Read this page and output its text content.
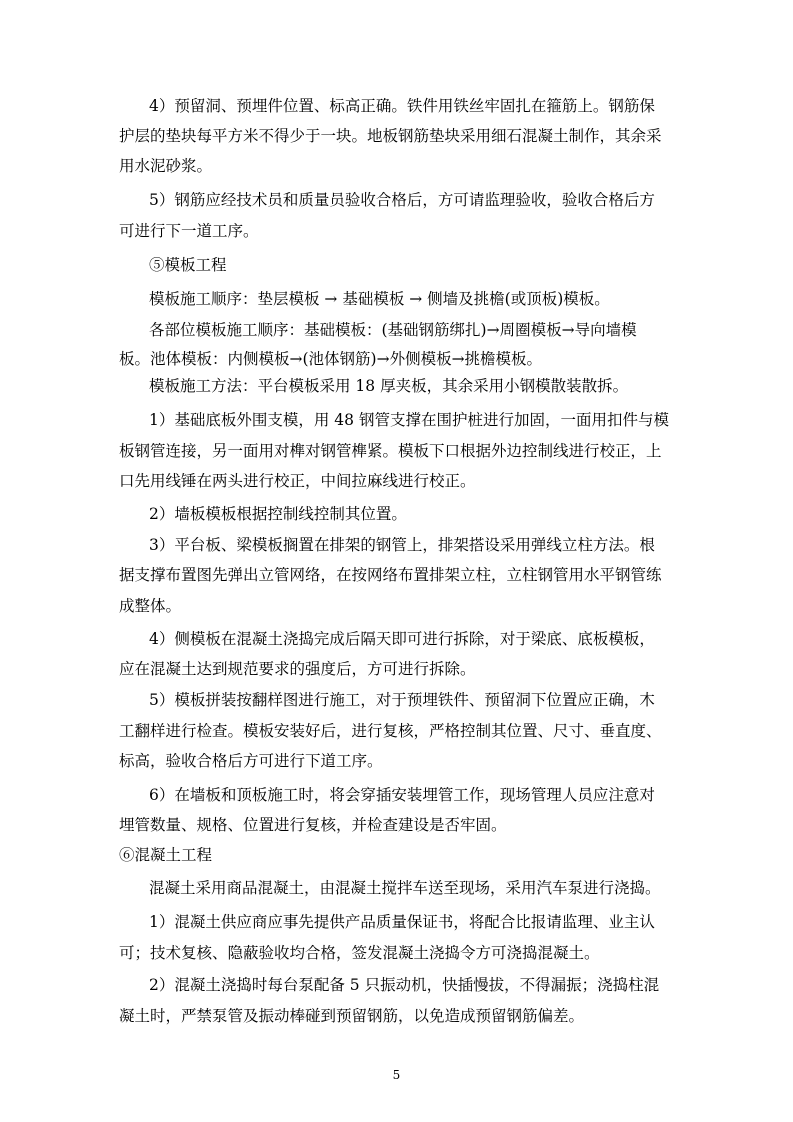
4）预留洞、预埋件位置、标高正确。铁件用铁丝牢固扎在箍筋上。钢筋保
护层的垫块每平方米不得少于一块。地板钢筋垫块采用细石混凝土制作，其余采
用水泥砂浆。
5）钢筋应经技术员和质量员验收合格后，方可请监理验收，验收合格后方
可进行下一道工序。
⑤模板工程
模板施工顺序：垫层模板 → 基础模板 → 侧墙及挑檐(或顶板)模板。
各部位模板施工顺序：基础模板：(基础钢筋绑扎)→周圈模板→导向墙模
板。池体模板：内侧模板→(池体钢筋)→外侧模板→挑檐模板。
模板施工方法：平台模板采用 18 厚夹板，其余采用小钢模散装散拆。
1）基础底板外围支模，用 48 钢管支撑在围护桩进行加固，一面用扣件与模
板钢管连接，另一面用对榫对钢管榫紧。模板下口根据外边控制线进行校正，上
口先用线锤在两头进行校正，中间拉麻线进行校正。
2）墙板模板根据控制线控制其位置。
3）平台板、梁模板搁置在排架的钢管上，排架搭设采用弹线立柱方法。根
据支撑布置图先弹出立管网络，在按网络布置排架立柱，立柱钢管用水平钢管练
成整体。
4）侧模板在混凝土浇捣完成后隔天即可进行拆除，对于梁底、底板模板，
应在混凝土达到规范要求的强度后，方可进行拆除。
5）模板拼装按翻样图进行施工，对于预埋铁件、预留洞下位置应正确，木
工翻样进行检查。模板安装好后，进行复核，严格控制其位置、尺寸、垂直度、
标高，验收合格后方可进行下道工序。
6）在墙板和顶板施工时，将会穿插安装埋管工作，现场管理人员应注意对
埋管数量、规格、位置进行复核，并检查建设是否牢固。
⑥混凝土工程
混凝土采用商品混凝土，由混凝土搅拌车送至现场，采用汽车泵进行浇捣。
1）混凝土供应商应事先提供产品质量保证书，将配合比报请监理、业主认
可；技术复核、隐蔽验收均合格，签发混凝土浇捣令方可浇捣混凝土。
2）混凝土浇捣时每台泵配备 5 只振动机，快插慢拔，不得漏振；浇捣柱混
凝土时，严禁泵管及振动棒碰到预留钢筋，以免造成预留钢筋偏差。
5
